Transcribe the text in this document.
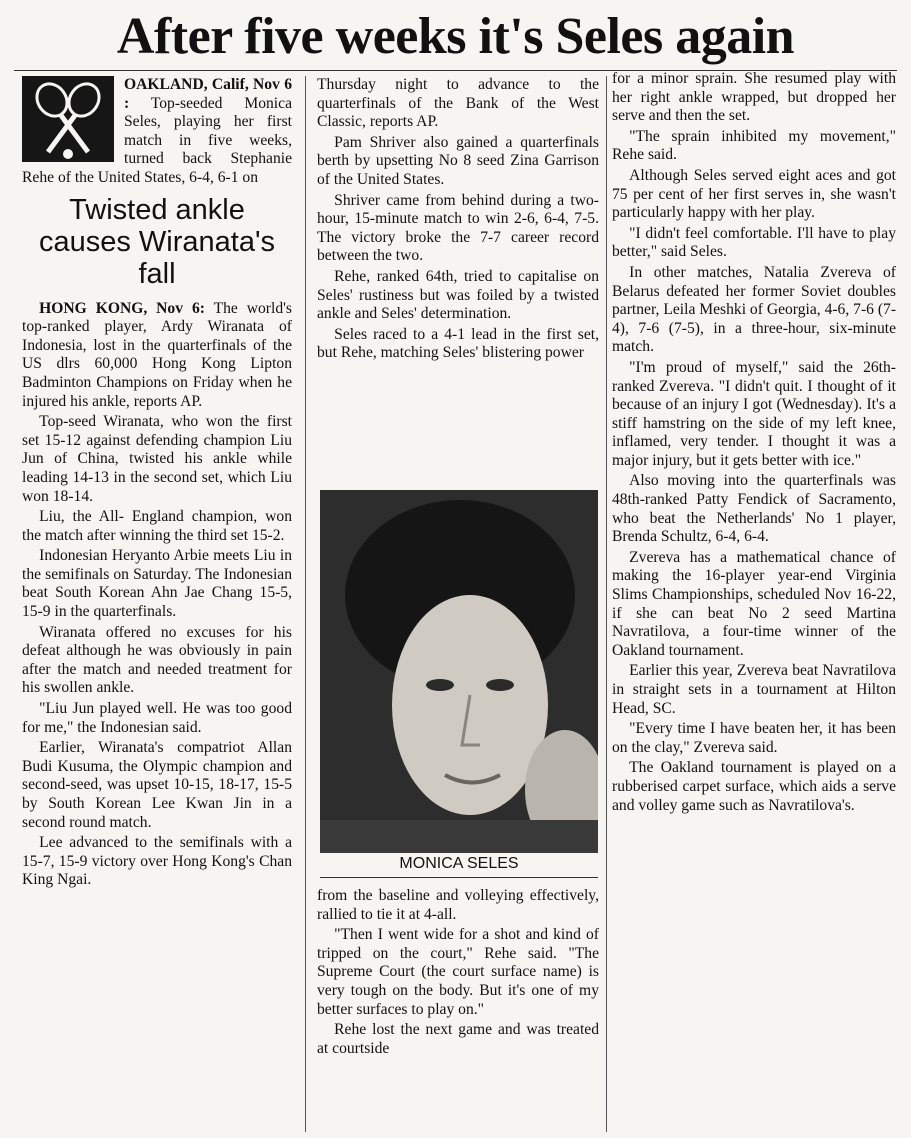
After five weeks it's Seles again

OAKLAND, Calif, Nov 6 : Top-seeded Monica Seles, playing her first match in five weeks, turned back Stephanie Rehe of the United States, 6-4, 6-1 on

Twisted ankle causes Wiranata's fall

HONG KONG, Nov 6: The world's top-ranked player, Ardy Wiranata of Indonesia, lost in the quarterfinals of the US dlrs 60,000 Hong Kong Lipton Badminton Champions on Friday when he injured his ankle, reports AP.

Top-seed Wiranata, who won the first set 15-12 against defending champion Liu Jun of China, twisted his ankle while leading 14-13 in the second set, which Liu won 18-14.

Liu, the All- England champion, won the match after winning the third set 15-2.

Indonesian Heryanto Arbie meets Liu in the semifinals on Saturday. The Indonesian beat South Korean Ahn Jae Chang 15-5, 15-9 in the quarterfinals.

Wiranata offered no excuses for his defeat although he was obviously in pain after the match and needed treatment for his swollen ankle.

"Liu Jun played well. He was too good for me," the Indonesian said.

Earlier, Wiranata's compatriot Allan Budi Kusuma, the Olympic champion and second-seed, was upset 10-15, 18-17, 15-5 by South Korean Lee Kwan Jin in a second round match.

Lee advanced to the semifinals with a 15-7, 15-9 victory over Hong Kong's Chan King Ngai.

Thursday night to advance to the quarterfinals of the Bank of the West Classic, reports AP.

Pam Shriver also gained a quarterfinals berth by upsetting No 8 seed Zina Garrison of the United States.

Shriver came from behind during a two-hour, 15-minute match to win 2-6, 6-4, 7-5. The victory broke the 7-7 career record between the two.

Rehe, ranked 64th, tried to capitalise on Seles' rustiness but was foiled by a twisted ankle and Seles' determination.

Seles raced to a 4-1 lead in the first set, but Rehe, matching Seles' blistering power

MONICA SELES

from the baseline and volleying effectively, rallied to tie it at 4-all.

"Then I went wide for a shot and kind of tripped on the court," Rehe said. "The Supreme Court (the court surface name) is very tough on the body. But it's one of my better surfaces to play on."

Rehe lost the next game and was treated at courtside

for a minor sprain. She resumed play with her right ankle wrapped, but dropped her serve and then the set.

"The sprain inhibited my movement," Rehe said.

Although Seles served eight aces and got 75 per cent of her first serves in, she wasn't particularly happy with her play.

"I didn't feel comfortable. I'll have to play better," said Seles.

In other matches, Natalia Zvereva of Belarus defeated her former Soviet doubles partner, Leila Meshki of Georgia, 4-6, 7-6 (7-4), 7-6 (7-5), in a three-hour, six-minute match.

"I'm proud of myself," said the 26th-ranked Zvereva. "I didn't quit. I thought of it because of an injury I got (Wednesday). It's a stiff hamstring on the side of my left knee, inflamed, very tender. I thought it was a major injury, but it gets better with ice."

Also moving into the quarterfinals was 48th-ranked Patty Fendick of Sacramento, who beat the Netherlands' No 1 player, Brenda Schultz, 6-4, 6-4.

Zvereva has a mathematical chance of making the 16-player year-end Virginia Slims Championships, scheduled Nov 16-22, if she can beat No 2 seed Martina Navratilova, a four-time winner of the Oakland tournament.

Earlier this year, Zvereva beat Navratilova in straight sets in a tournament at Hilton Head, SC.

"Every time I have beaten her, it has been on the clay," Zvereva said.

The Oakland tournament is played on a rubberised carpet surface, which aids a serve and volley game such as Navratilova's.
